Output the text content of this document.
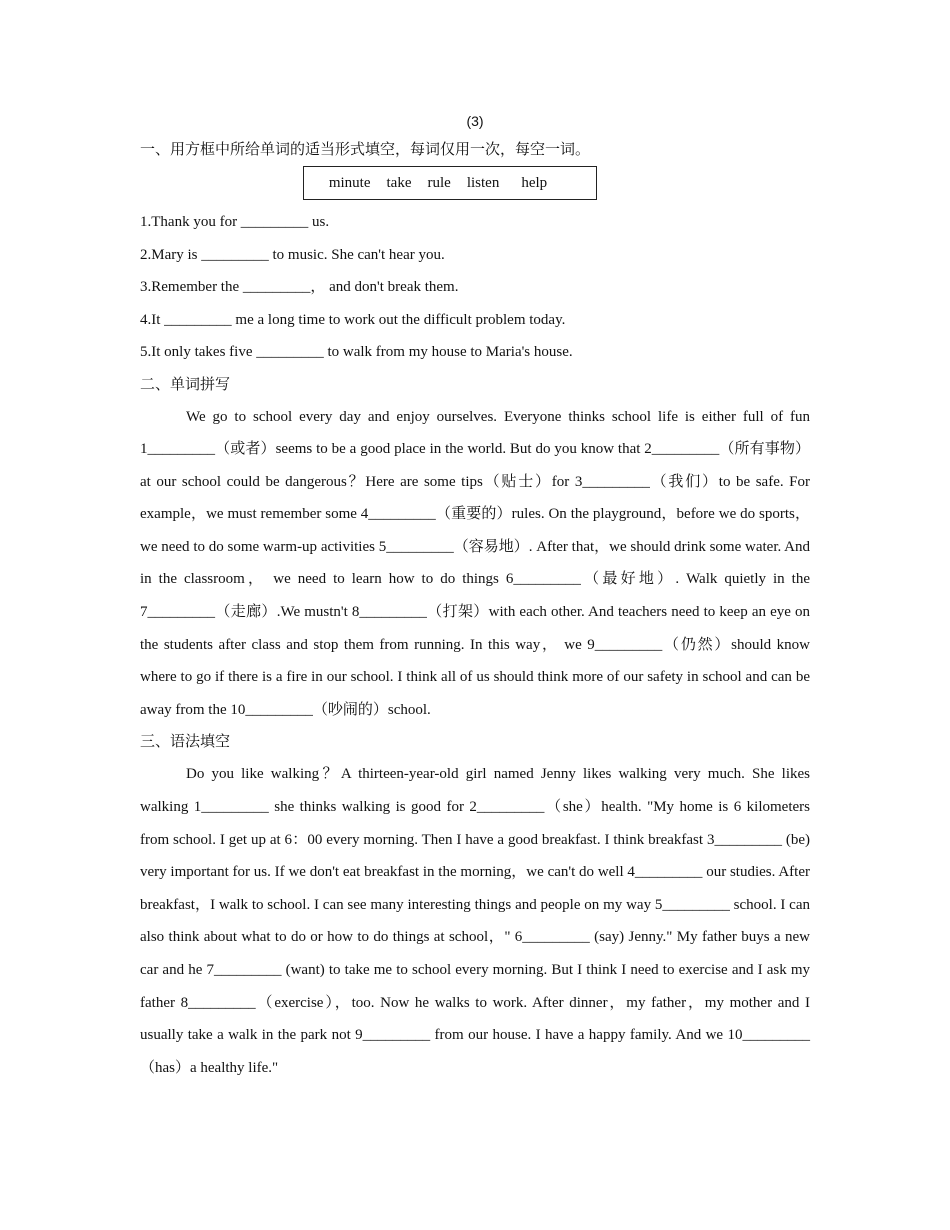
(3)
一、用方框中所给单词的适当形式填空，每词仅用一次，每空一词。
minute take rule listen help
1.Thank you for _________ us.
2.Mary is _________ to music. She can't hear you.
3.Remember the _________， and don't break them.
4.It _________ me a long time to work out the difficult problem today.
5.It only takes five _________ to walk from my house to Maria's house.
二、单词拼写

We go to school every day and enjoy ourselves. Everyone thinks school life is either full of fun 1_________（或者）seems to be a good place in the world. But do you know that 2_________（所有事物）at our school could be dangerous？Here are some tips（贴士）for 3_________（我们）to be safe. For example，we must remember some 4_________（重要的）rules. On the playground，before we do sports，we need to do some warm-up activities 5_________（容易地）. After that，we should drink some water. And in the classroom， we need to learn how to do things 6_________（最好地）. Walk quietly in the 7_________（走廊）.We mustn't 8_________（打架）with each other. And teachers need to keep an eye on the students after class and stop them from running. In this way， we 9_________（仍然）should know where to go if there is a fire in our school. I think all of us should think more of our safety in school and can be away from the 10_________（吵闹的）school.

三、语法填空

Do you like walking？A thirteen-year-old girl named Jenny likes walking very much. She likes walking 1_________ she thinks walking is good for 2_________（she）health. "My home is 6 kilometers from school. I get up at 6：00 every morning. Then I have a good breakfast. I think breakfast 3_________ (be) very important for us. If we don't eat breakfast in the morning，we can't do well 4_________ our studies. After breakfast，I walk to school. I can see many interesting things and people on my way 5_________ school. I can also think about what to do or how to do things at school，" 6_________ (say) Jenny." My father buys a new car and he 7_________ (want) to take me to school every morning. But I think I need to exercise and I ask my father 8_________（exercise），too. Now he walks to work. After dinner，my father，my mother and I usually take a walk in the park not 9_________ from our house. I have a happy family. And we 10_________（has）a healthy life."
